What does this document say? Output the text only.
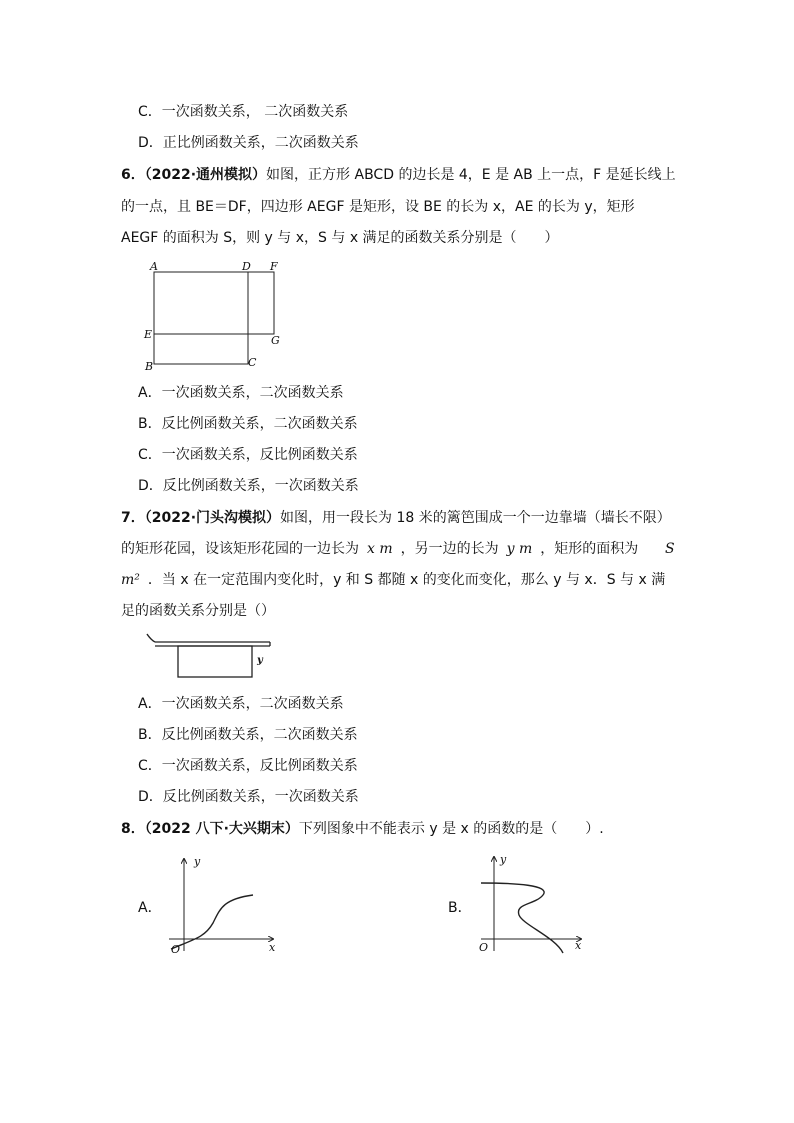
C．一次函数关系， 二次函数关系
D．正比例函数关系，二次函数关系
6．（2022·通州模拟）如图，正方形 ABCD 的边长是 4，E 是 AB 上一点，F 是延长线上
的一点，且 BE＝DF，四边形 AEGF 是矩形，设 BE 的长为 x，AE 的长为 y，矩形
AEGF 的面积为 S，则 y 与 x，S 与 x 满足的函数关系分别是（　　）
A	D F
E	G
B	C
A．一次函数关系，二次函数关系
B．反比例函数关系，二次函数关系
C．一次函数关系，反比例函数关系
D．反比例函数关系，一次函数关系
7．（2022·门头沟模拟）如图，用一段长为 18 米的篱笆围成一个一边靠墙（墙长不限）
的矩形花园，设该矩形花园的一边长为 x m ，另一边的长为 y m ，矩形的面积为 S
m² ．当 x 在一定范围内变化时，y 和 S 都随 x 的变化而变化，那么 y 与 x．S 与 x 满
足的函数关系分别是（）
y
A．一次函数关系，二次函数关系
B．反比例函数关系，二次函数关系
C．一次函数关系，反比例函数关系
D．反比例函数关系，一次函数关系
8．（2022 八下·大兴期末）下列图象中不能表示 y 是 x 的函数的是（　　）.
A．
x
y
O
B．
x
y
O
